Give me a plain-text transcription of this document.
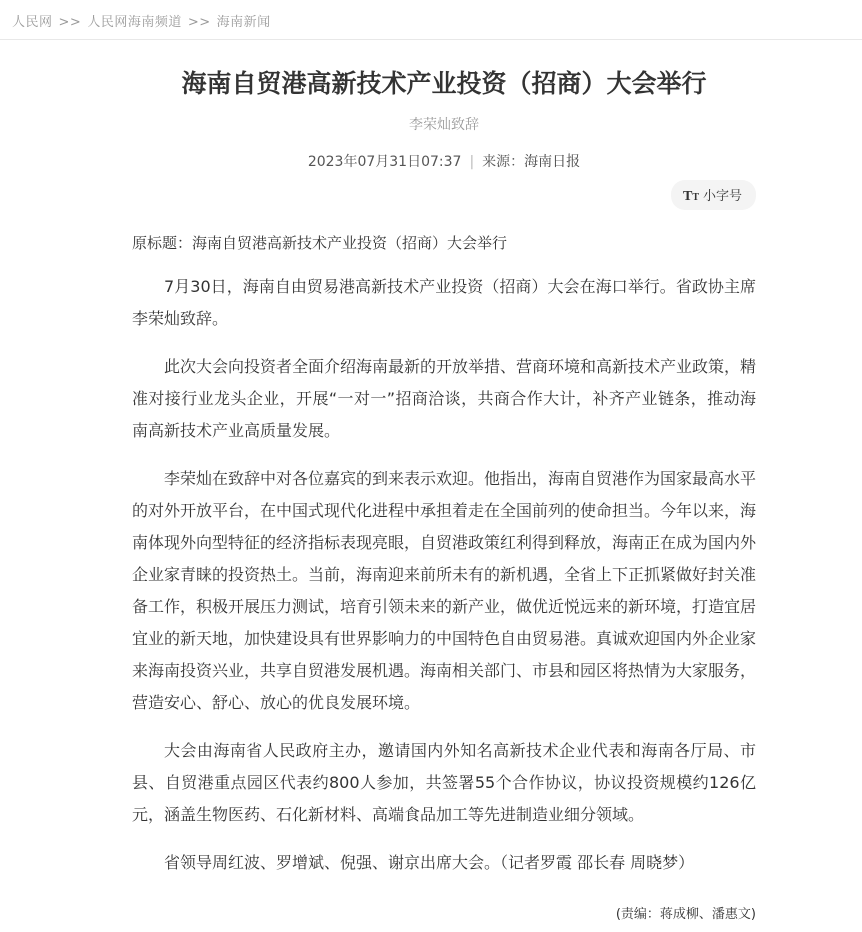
人民网 >> 人民网海南频道 >> 海南新闻
海南自贸港高新技术产业投资（招商）大会举行
李荣灿致辞
2023年07月31日07:37 | 来源：海南日报
TT 小字号

原标题：海南自贸港高新技术产业投资（招商）大会举行

7月30日，海南自由贸易港高新技术产业投资（招商）大会在海口举行。省政协主席李荣灿致辞。

此次大会向投资者全面介绍海南最新的开放举措、营商环境和高新技术产业政策，精准对接行业龙头企业，开展“一对一”招商洽谈，共商合作大计，补齐产业链条，推动海南高新技术产业高质量发展。

李荣灿在致辞中对各位嘉宾的到来表示欢迎。他指出，海南自贸港作为国家最高水平的对外开放平台，在中国式现代化进程中承担着走在全国前列的使命担当。今年以来，海南体现外向型特征的经济指标表现亮眼，自贸港政策红利得到释放，海南正在成为国内外企业家青睐的投资热土。当前，海南迎来前所未有的新机遇，全省上下正抓紧做好封关准备工作，积极开展压力测试，培育引领未来的新产业，做优近悦远来的新环境，打造宜居宜业的新天地，加快建设具有世界影响力的中国特色自由贸易港。真诚欢迎国内外企业家来海南投资兴业，共享自贸港发展机遇。海南相关部门、市县和园区将热情为大家服务，营造安心、舒心、放心的优良发展环境。

大会由海南省人民政府主办，邀请国内外知名高新技术企业代表和海南各厅局、市县、自贸港重点园区代表约800人参加，共签署55个合作协议，协议投资规模约126亿元，涵盖生物医药、石化新材料、高端食品加工等先进制造业细分领域。

省领导周红波、罗增斌、倪强、谢京出席大会。（记者罗霞 邵长春 周晓梦）

(责编：蒋成柳、潘惠文)
